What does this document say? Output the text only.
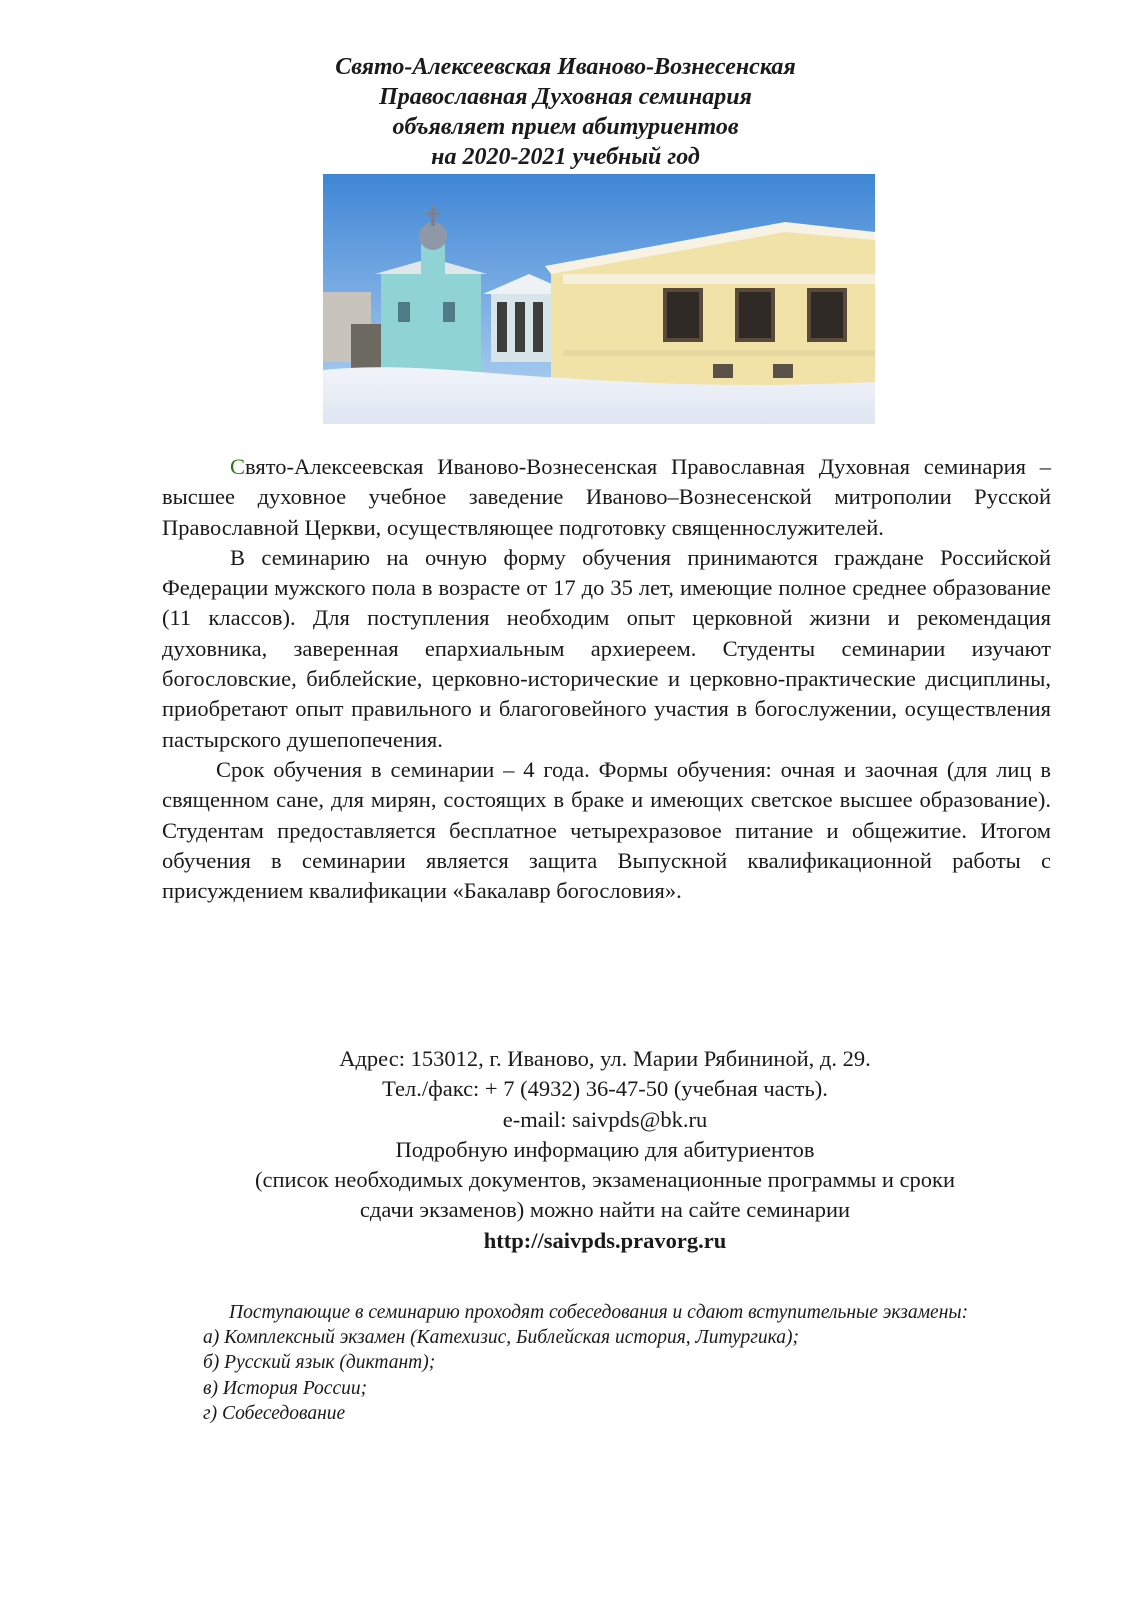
Свято-Алексеевская Иваново-Вознесенская
Православная Духовная семинария
объявляет прием абитуриентов
на 2020-2021 учебный год

Свято-Алексеевская Иваново-Вознесенская Православная Духовная семинария – высшее духовное учебное заведение Иваново–Вознесенской митрополии Русской Православной Церкви, осуществляющее подготовку священнослужителей.

В семинарию на очную форму обучения принимаются граждане Российской Федерации мужского пола в возрасте от 17 до 35 лет, имеющие полное среднее образование (11 классов). Для поступления необходим опыт церковной жизни и рекомендация духовника, заверенная епархиальным архиереем. Студенты семинарии изучают богословские, библейские, церковно-исторические и церковно-практические дисциплины, приобретают опыт правильного и благоговейного участия в богослужении, осуществления пастырского душепопечения.

Срок обучения в семинарии – 4 года. Формы обучения: очная и заочная (для лиц в священном сане, для мирян, состоящих в браке и имеющих светское высшее образование). Студентам предоставляется бесплатное четырехразовое питание и общежитие. Итогом обучения в семинарии является защита Выпускной квалификационной работы с присуждением квалификации «Бакалавр богословия».

Адрес: 153012, г. Иваново, ул. Марии Рябининой, д. 29.
Тел./факс: + 7 (4932) 36-47-50 (учебная часть).
e-mail: saivpds@bk.ru
Подробную информацию для абитуриентов
(список необходимых документов, экзаменационные программы и сроки
сдачи экзаменов) можно найти на сайте семинарии
http://saivpds.pravorg.ru

Поступающие в семинарию проходят собеседования и сдают вступительные экзамены:

а) Комплексный экзамен (Катехизис, Библейская история, Литургика);
б) Русский язык (диктант);
в) История России;
г) Собеседование
